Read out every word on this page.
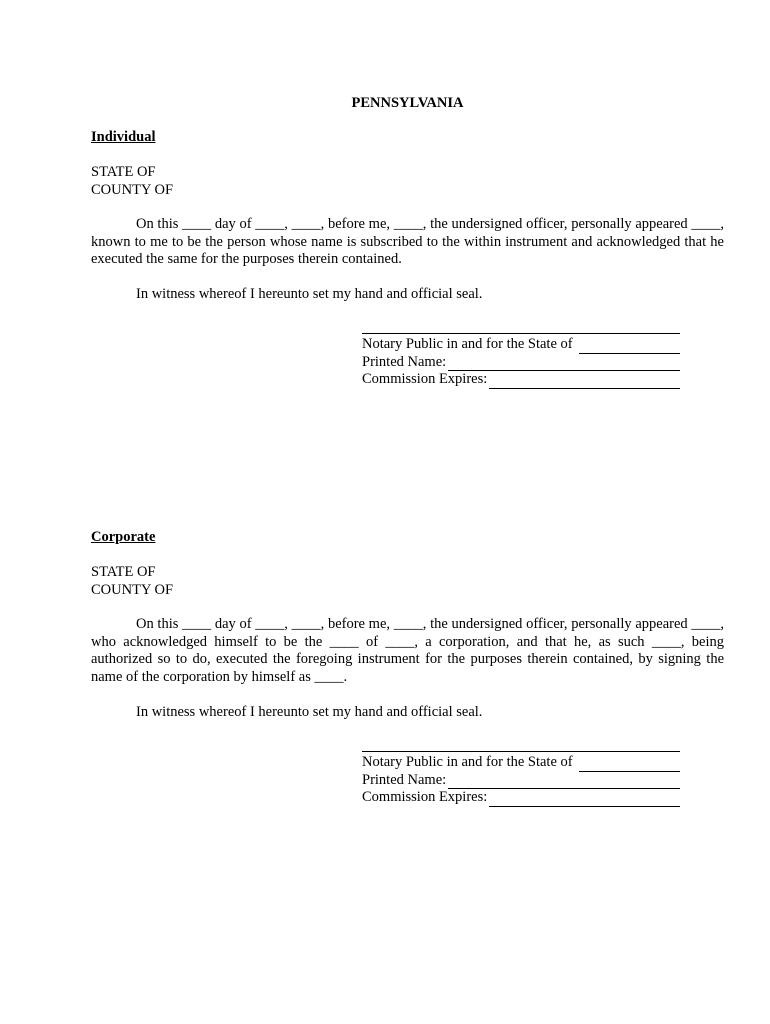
PENNSYLVANIA
Individual
STATE OF
COUNTY OF
On this ____ day of ____, ____, before me, ____, the undersigned officer, personally appeared ____, known to me to be the person whose name is subscribed to the within instrument and acknowledged that he executed the same for the purposes therein contained.
In witness whereof I hereunto set my hand and official seal.
Notary Public in and for the State of
Printed Name:
Commission Expires:
Corporate
STATE OF
COUNTY OF
On this ____ day of ____, ____, before me, ____, the undersigned officer, personally appeared ____, who acknowledged himself to be the ____ of ____, a corporation, and that he, as such ____, being authorized so to do, executed the foregoing instrument for the purposes therein contained, by signing the name of the corporation by himself as ____.
In witness whereof I hereunto set my hand and official seal.
Notary Public in and for the State of
Printed Name:
Commission Expires:
